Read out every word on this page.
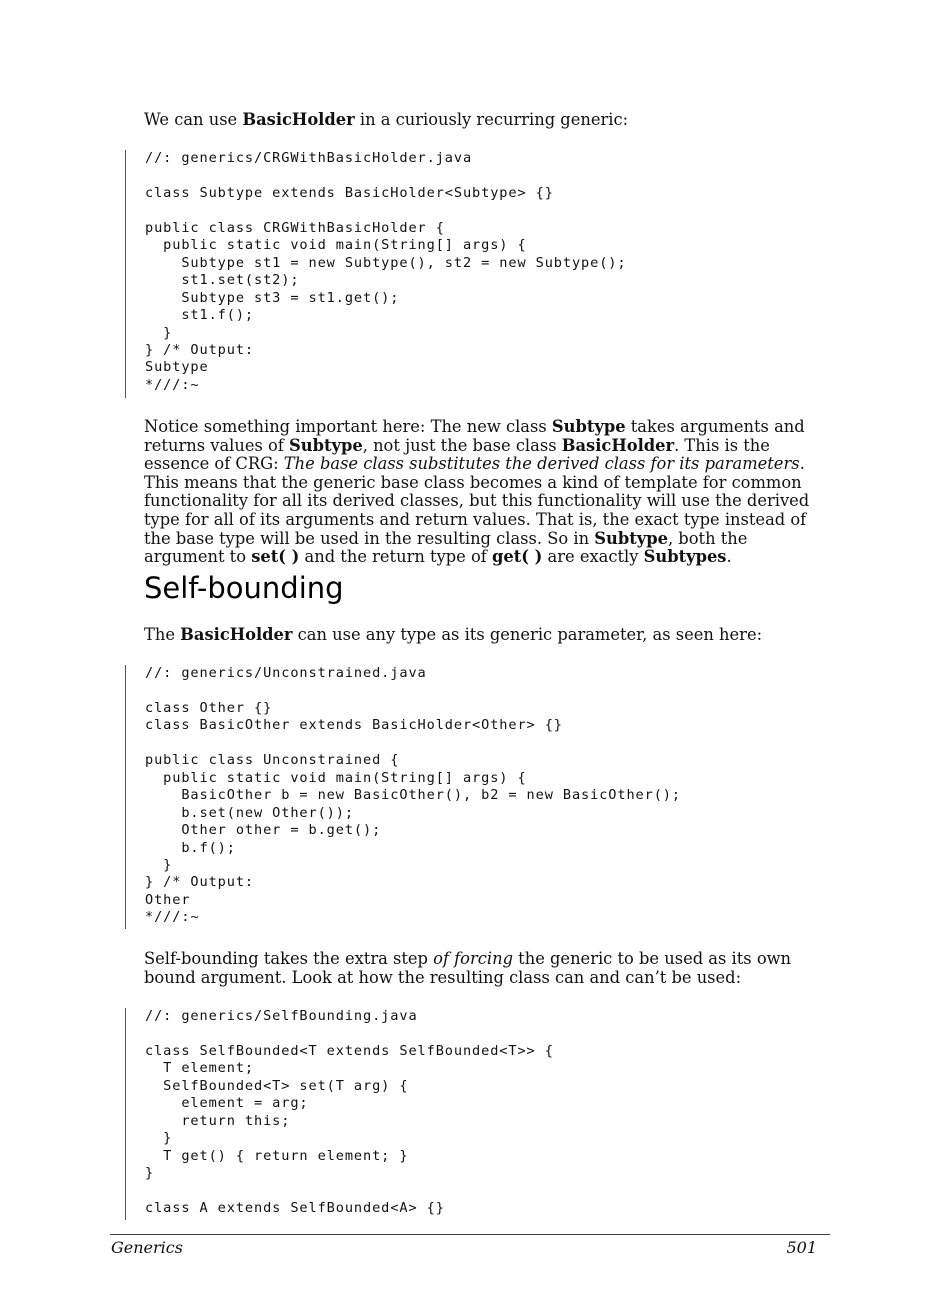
We can use BasicHolder in a curiously recurring generic:
//: generics/CRGWithBasicHolder.java

class Subtype extends BasicHolder<Subtype> {}

public class CRGWithBasicHolder {
public static void main(String[] args) {
Subtype st1 = new Subtype(), st2 = new Subtype();
st1.set(st2);
Subtype st3 = st1.get();
st1.f();
}
} /* Output:
Subtype
*///:~
Notice something important here: The new class Subtype takes arguments and returns values of Subtype, not just the base class BasicHolder. This is the essence of CRG: The base class substitutes the derived class for its parameters. This means that the generic base class becomes a kind of template for common functionality for all its derived classes, but this functionality will use the derived type for all of its arguments and return values. That is, the exact type instead of the base type will be used in the resulting class. So in Subtype, both the argument to set( ) and the return type of get( ) are exactly Subtypes.
Self-bounding
The BasicHolder can use any type as its generic parameter, as seen here:
//: generics/Unconstrained.java

class Other {}
class BasicOther extends BasicHolder<Other> {}

public class Unconstrained {
public static void main(String[] args) {
BasicOther b = new BasicOther(), b2 = new BasicOther();
b.set(new Other());
Other other = b.get();
b.f();
}
} /* Output:
Other
*///:~
Self-bounding takes the extra step of forcing the generic to be used as its own bound argument. Look at how the resulting class can and can’t be used:
//: generics/SelfBounding.java

class SelfBounded<T extends SelfBounded<T>> {
T element;
SelfBounded<T> set(T arg) {
element = arg;
return this;
}
T get() { return element; }
}

class A extends SelfBounded<A> {}
Generics	501
